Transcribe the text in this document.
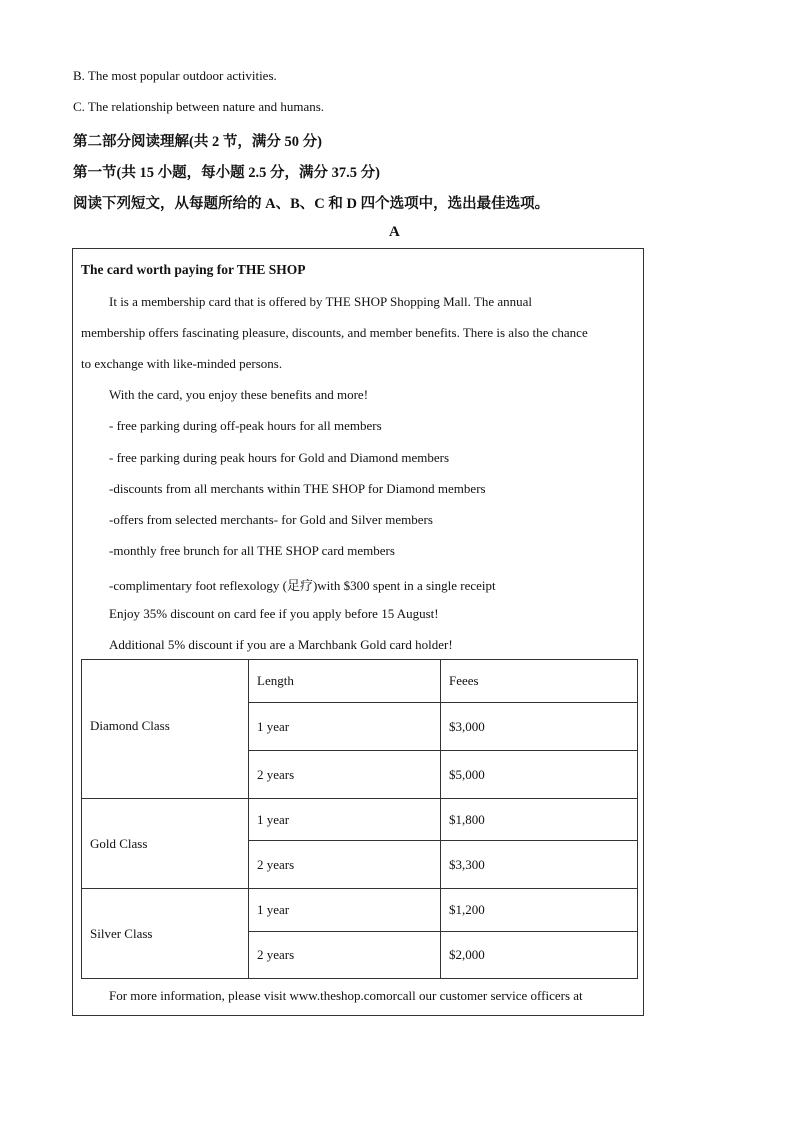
B. The most popular outdoor activities.
C. The relationship between nature and humans.
第二部分阅读理解(共 2 节，满分 50 分)
第一节(共 15 小题，每小题 2.5 分，满分 37.5 分)
阅读下列短文，从每题所给的 A、B、C 和 D 四个选项中，选出最佳选项。
A
The card worth paying for THE SHOP
It is a membership card that is offered by THE SHOP Shopping Mall. The annual
membership offers fascinating pleasure, discounts, and member benefits. There is also the chance
to exchange with like-minded persons.
With the card, you enjoy these benefits and more!
- free parking during off-peak hours for all members
- free parking during peak hours for Gold and Diamond members
-discounts from all merchants within THE SHOP for Diamond members
-offers from selected merchants- for Gold and Silver members
-monthly free brunch for all THE SHOP card members
-complimentary foot reflexology (足疗)with $300 spent in a single receipt
Enjoy 35% discount on card fee if you apply before 15 August!
Additional 5% discount if you are a Marchbank Gold card holder!
	Length	Feees
Diamond Class	1 year	$3,000
	2 years	$5,000
Gold Class	1 year	$1,800
	2 years	$3,300
Silver Class	1 year	$1,200
	2 years	$2,000
For more information, please visit www.theshop.comorcall our customer service officers at
